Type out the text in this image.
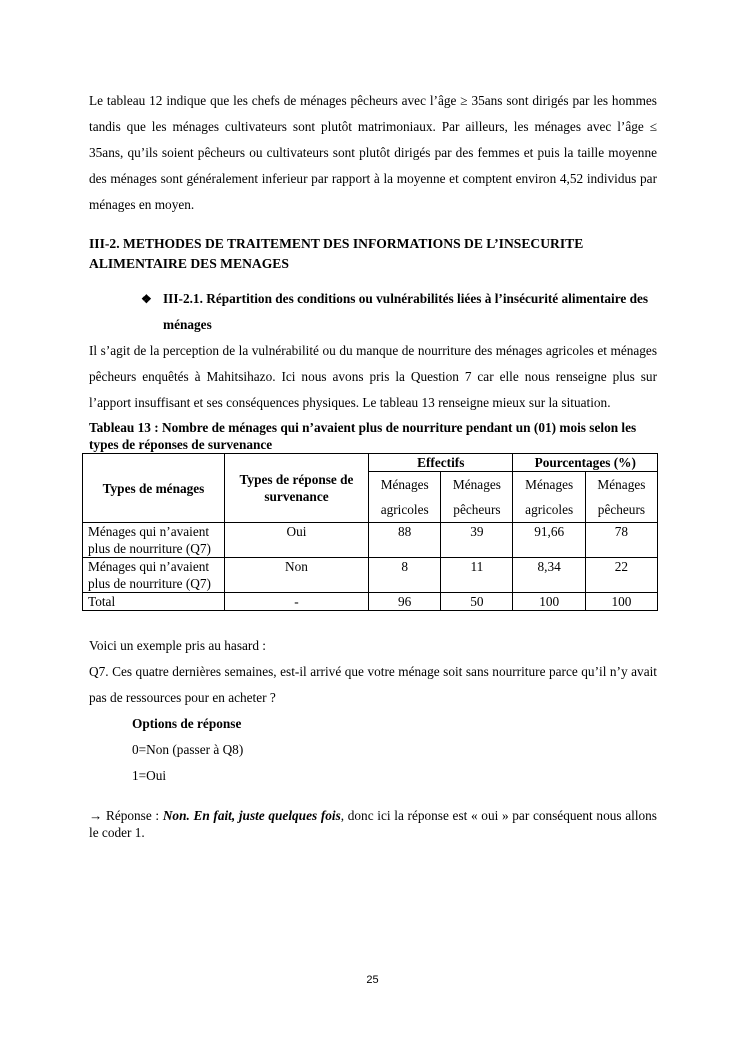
Le tableau 12 indique que les chefs de ménages pêcheurs avec l’âge ≥ 35ans sont dirigés par les hommes tandis que les ménages cultivateurs sont plutôt matrimoniaux. Par ailleurs, les ménages avec l’âge ≤ 35ans, qu’ils soient pêcheurs ou cultivateurs sont plutôt dirigés par des femmes et puis la taille moyenne des ménages sont généralement inferieur par rapport à la moyenne et comptent environ 4,52 individus par ménages en moyen.

III-2. METHODES DE TRAITEMENT DES INFORMATIONS DE L’INSECURITE ALIMENTAIRE DES MENAGES
❖ III-2.1. Répartition des conditions ou vulnérabilités liées à l’insécurité alimentaire des ménages

Il s’agit de la perception de la vulnérabilité ou du manque de nourriture des ménages agricoles et ménages pêcheurs enquêtés à Mahitsihazo. Ici nous avons pris la Question 7 car elle nous renseigne plus sur l’apport insuffisant et ses conséquences physiques. Le tableau 13 renseigne mieux sur la situation.

Tableau 13 : Nombre de ménages qui n’avaient plus de nourriture pendant un (01) mois selon les types de réponses de survenance

Types de ménages	Types de réponse de survenance	Effectifs		Pourcentages (%)	
		Ménages agricoles	Ménages pêcheurs	Ménages agricoles	Ménages pêcheurs
Ménages qui n’avaient plus de nourriture (Q7)	Oui	88	39	91,66	78
Ménages qui n’avaient plus de nourriture (Q7)	Non	8	11	8,34	22
Total	-	96	50	100	100

Voici un exemple pris au hasard :

Q7. Ces quatre dernières semaines, est-il arrivé que votre ménage soit sans nourriture parce qu’il n’y avait pas de ressources pour en acheter ?

Options de réponse

0=Non (passer à Q8)

1=Oui

→ Réponse : Non. En fait, juste quelques fois, donc ici la réponse est « oui » par conséquent nous allons le coder 1.

25
